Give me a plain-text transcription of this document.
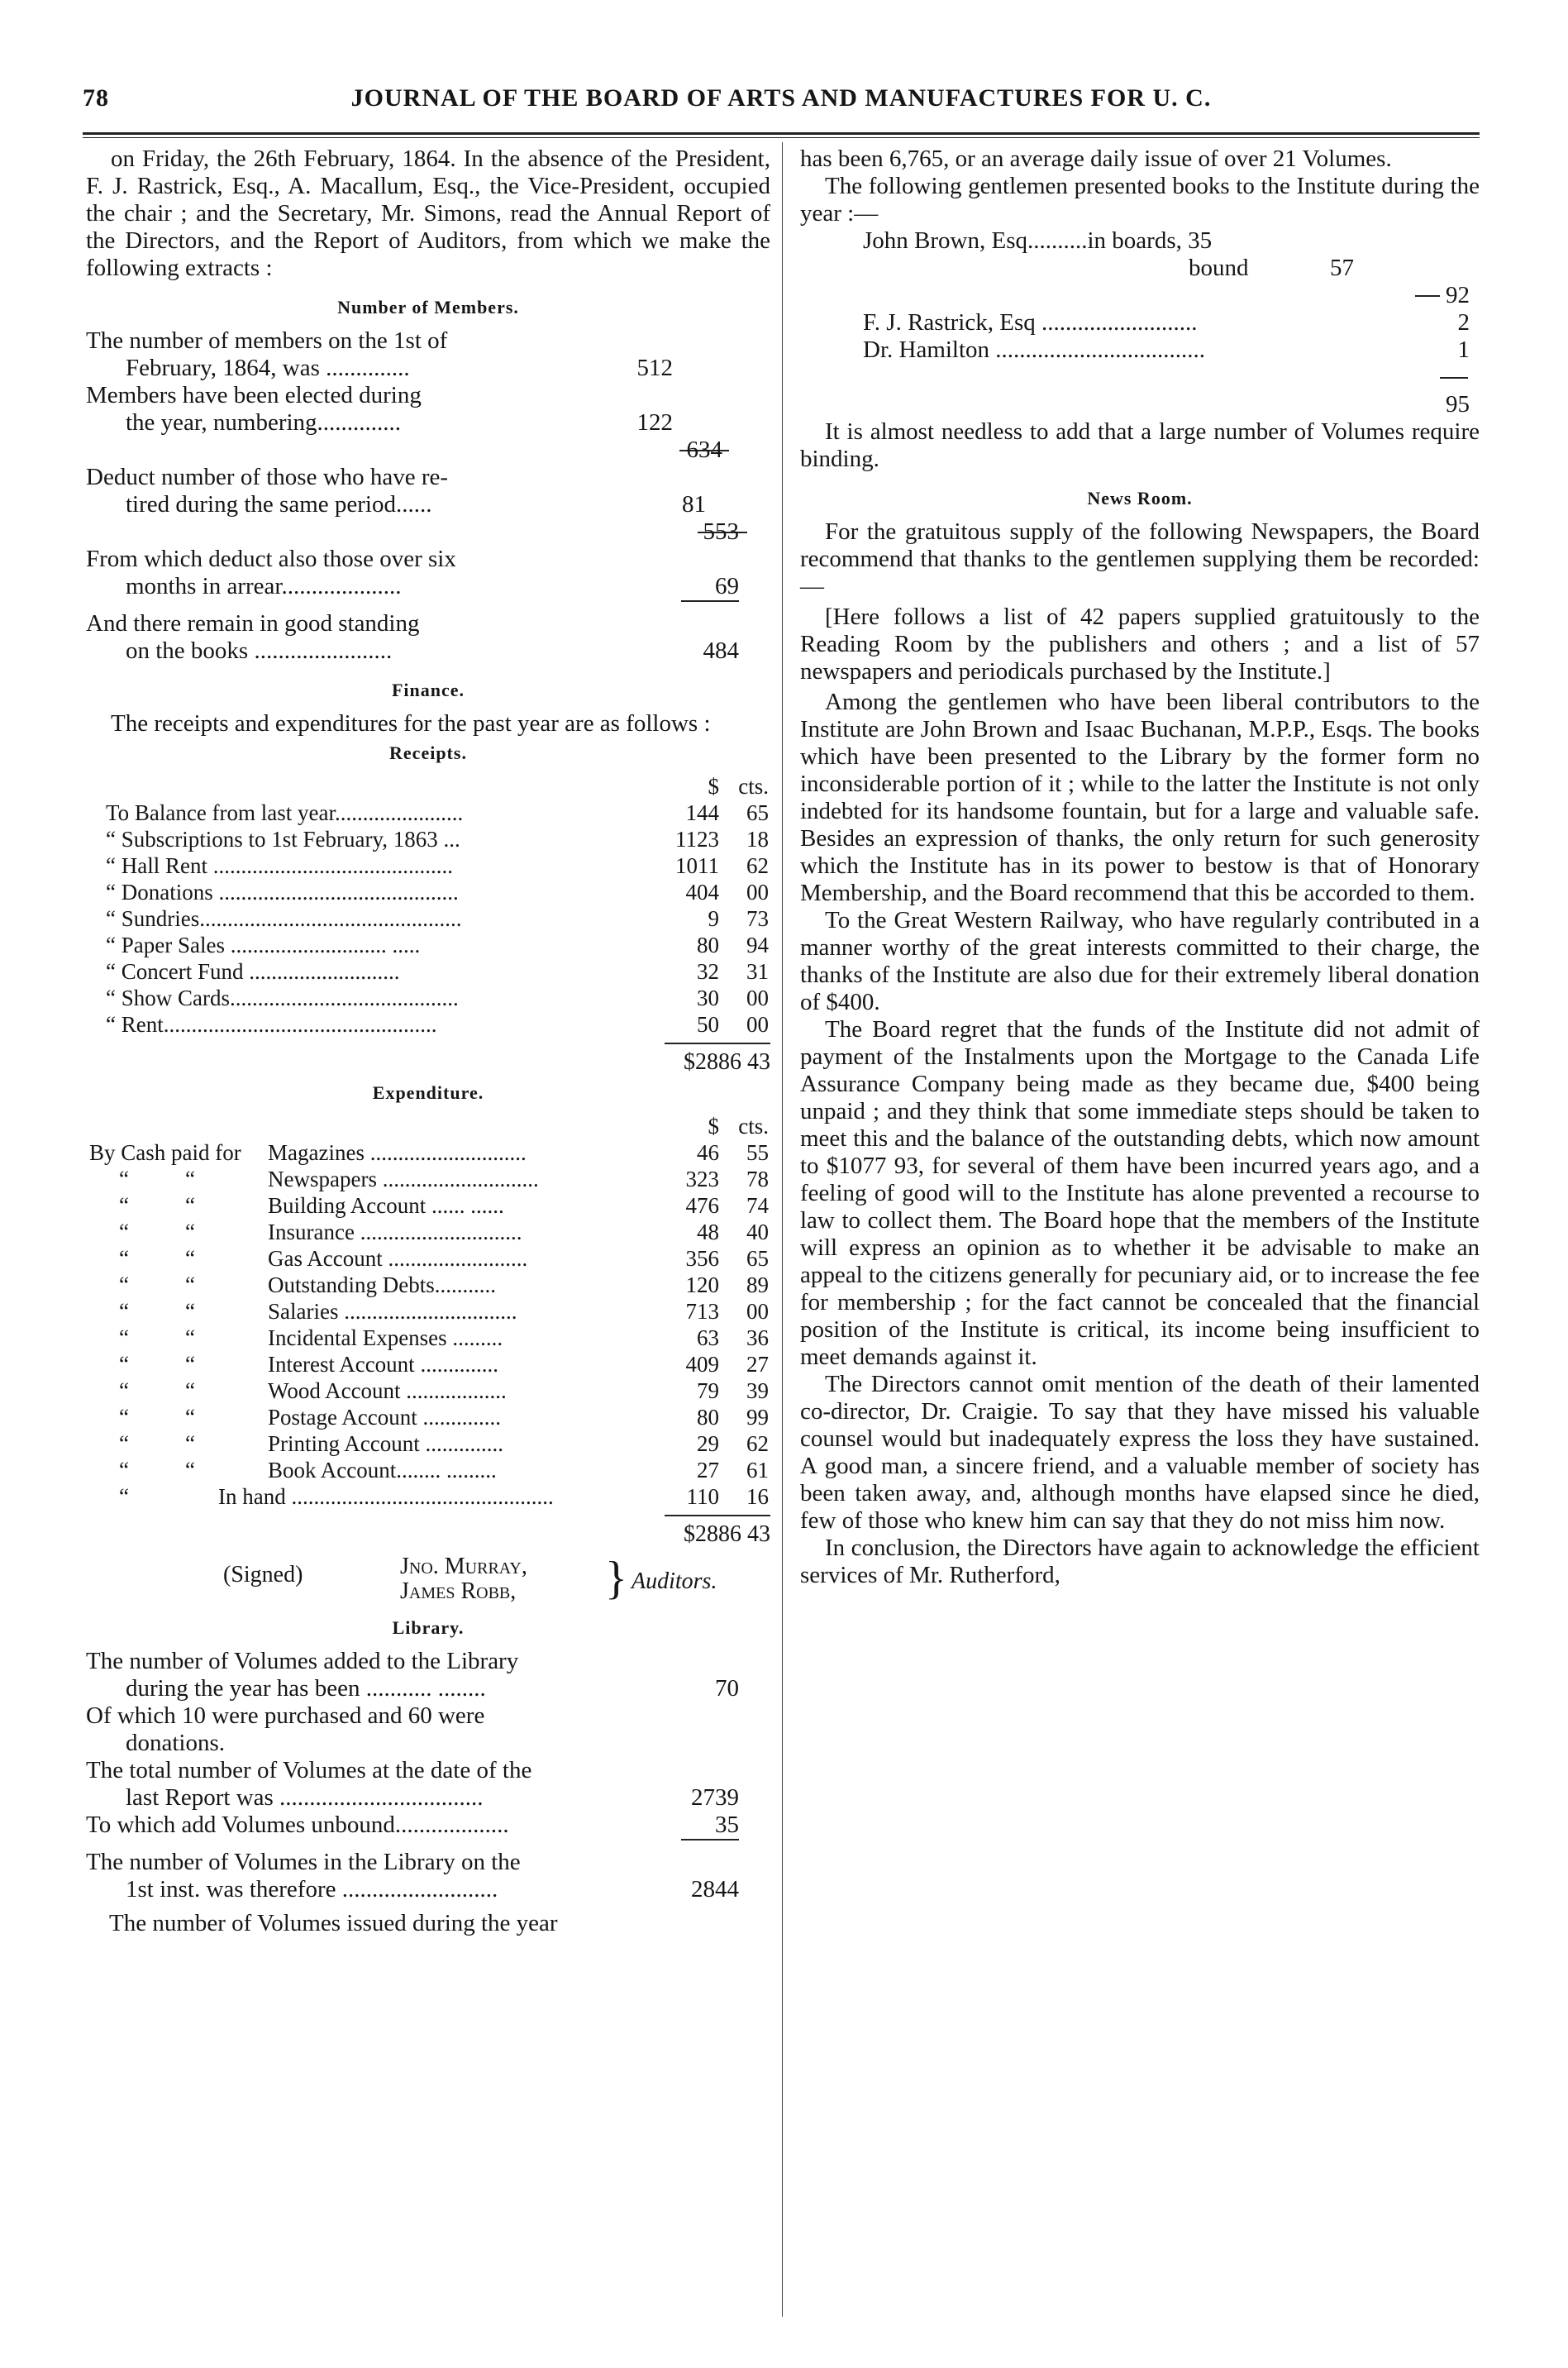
78	JOURNAL OF THE BOARD OF ARTS AND MANUFACTURES FOR U. C.

on Friday, the 26th February, 1864. In the absence of the President, F. J. Rastrick, Esq., A. Macallum, Esq., the Vice-President, occupied the chair ; and the Secretary, Mr. Simons, read the Annual Report of the Directors, and the Report of Auditors, from which we make the following extracts :

Number of Members.
The number of members on the 1st of
February, 1864, was ..............	512
Members have been elected during
the year, numbering..............	122
634
Deduct number of those who have re-
tired during the same period......	81
553
From which deduct also those over six
months in arrear....................	69
And there remain in good standing
on the books .......................	484
Finance.

The receipts and expenditures for the past year are as follows :

Receipts.
$ cts.
To Balance from last year.......................	144	65
“ Subscriptions to 1st February, 1863 ...	1123	18
“ Hall Rent ...........................................	1011	62
“ Donations ...........................................	404	00
“ Sundries...............................................	9	73
“ Paper Sales ............................ .....	80	94
“ Concert Fund ...........................	32	31
“ Show Cards.........................................	30	00
“ Rent.................................................	50	00
$2886 43
Expenditure.
$ cts.
By Cash paid for Magazines ............................	46	55
“	“	Newspapers ............................	323	78
“	“	Building Account ...... ......	476	74
“	“	Insurance .............................	48	40
“	“	Gas Account .........................	356	65
“	“	Outstanding Debts...........	120	89
“	“	Salaries ...............................	713	00
“	“	Incidental Expenses .........	63	36
“	“	Interest Account ..............	409	27
“	“	Wood Account ..................	79	39
“	“	Postage Account ..............	80	99
“	“	Printing Account ..............	29	62
“	“	Book Account........ .........	27	61
“	In hand ...............................................	110	16
$2886 43
(Signed)	Jno. Murray,
James Robb, } Auditors.
Library.
The number of Volumes added to the Library
during the year has been ........... ........	70
Of which 10 were purchased and 60 were
donations.
The total number of Volumes at the date of the
last Report was ..................................	2739
To which add Volumes unbound...................	35
The number of Volumes in the Library on the
1st inst. was therefore ..........................	2844
The number of Volumes issued during the year

has been 6,765, or an average daily issue of over 21 Volumes.

The following gentlemen presented books to the Institute during the year :—

John Brown, Esq..........in boards, 35
bound	57
92
F. J. Rastrick, Esq ..........................	2
Dr. Hamilton ...................................	1
95

It is almost needless to add that a large number of Volumes require binding.

News Room.

For the gratuitous supply of the following Newspapers, the Board recommend that thanks to the gentlemen supplying them be recorded:—

[Here follows a list of 42 papers supplied gratuitously to the Reading Room by the publishers and others ; and a list of 57 newspapers and periodicals purchased by the Institute.]

Among the gentlemen who have been liberal contributors to the Institute are John Brown and Isaac Buchanan, M.P.P., Esqs. The books which have been presented to the Library by the former form no inconsiderable portion of it ; while to the latter the Institute is not only indebted for its handsome fountain, but for a large and valuable safe. Besides an expression of thanks, the only return for such generosity which the Institute has in its power to bestow is that of Honorary Membership, and the Board recommend that this be accorded to them.

To the Great Western Railway, who have regularly contributed in a manner worthy of the great interests committed to their charge, the thanks of the Institute are also due for their extremely liberal donation of $400.

The Board regret that the funds of the Institute did not admit of payment of the Instalments upon the Mortgage to the Canada Life Assurance Company being made as they became due, $400 being unpaid ; and they think that some immediate steps should be taken to meet this and the balance of the outstanding debts, which now amount to $1077 93, for several of them have been incurred years ago, and a feeling of good will to the Institute has alone prevented a recourse to law to collect them. The Board hope that the members of the Institute will express an opinion as to whether it be advisable to make an appeal to the citizens generally for pecuniary aid, or to increase the fee for membership ; for the fact cannot be concealed that the financial position of the Institute is critical, its income being insufficient to meet demands against it.

The Directors cannot omit mention of the death of their lamented co-director, Dr. Craigie. To say that they have missed his valuable counsel would but inadequately express the loss they have sustained. A good man, a sincere friend, and a valuable member of society has been taken away, and, although months have elapsed since he died, few of those who knew him can say that they do not miss him now.

In conclusion, the Directors have again to acknowledge the efficient services of Mr. Rutherford,
